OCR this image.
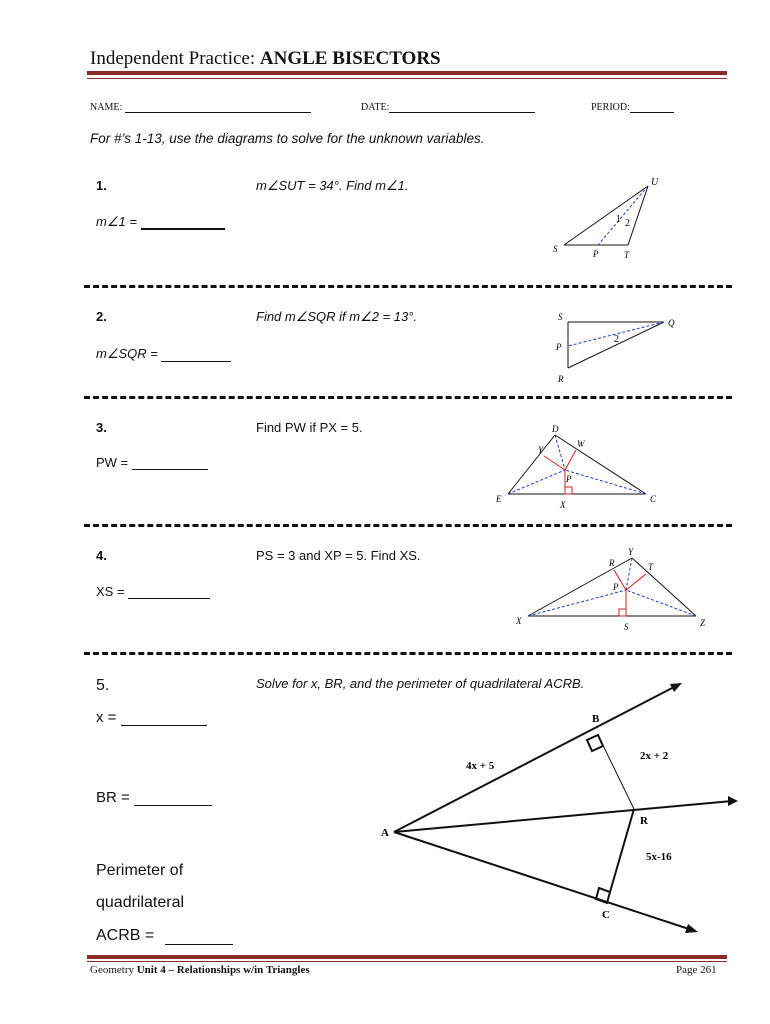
Independent Practice: ANGLE BISECTORS
NAME:	DATE:	PERIOD:
For #’s 1-13, use the diagrams to solve for the unknown variables.
1.	m∠SUT = 34°. Find m∠1.
m∠1 =
U
S	P	T
1 2
2.	Find m∠SQR if m∠2 = 13°.
m∠SQR =
S
Q
P
R
2
3.	Find PW if PX = 5.
PW =
D
Y
W
P
E
X
C
4.	PS = 3 and XP = 5. Find XS.
XS =
Y
R	T
P
X
S	Z
5.	Solve for x, BR, and the perimeter of quadrilateral ACRB.
x =
BR =
Perimeter of
quadrilateral
ACRB =
A
B
R
C
4x + 5
2x + 2
5x-16
Geometry Unit 4 – Relationships w/in Triangles	Page 261
